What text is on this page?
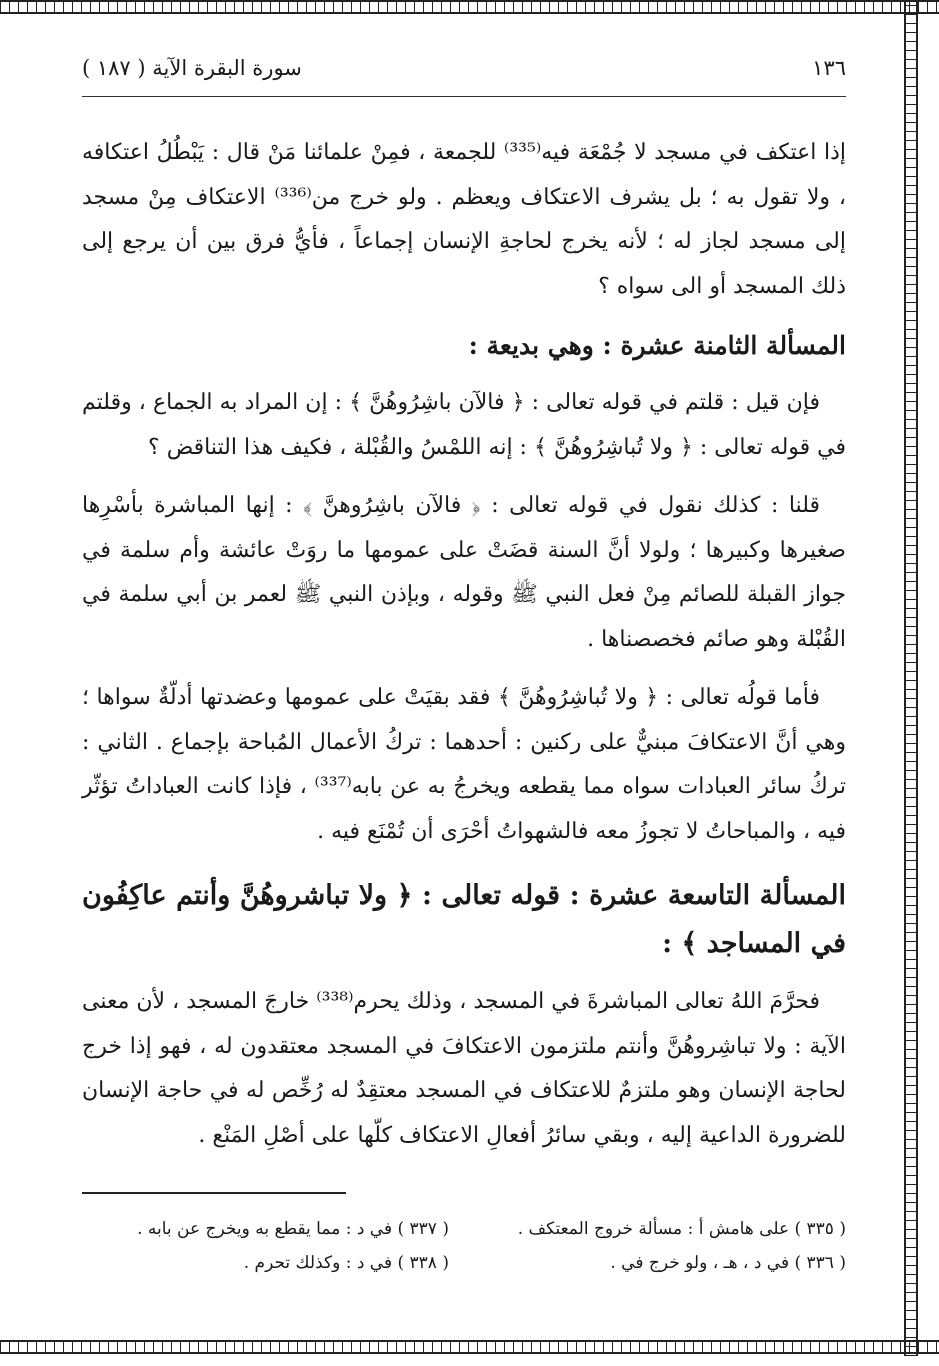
١٣٦
سورة البقرة الآية ( ١٨٧ )

إذا اعتكف في مسجد لا جُمْعَة فيه⁽³³⁵⁾ للجمعة ، فمِنْ علمائنا مَنْ قال : يَبْطُلُ اعتكافه ، ولا تقول به ؛ بل يشرف الاعتكاف ويعظم . ولو خرج من⁽³³⁶⁾ الاعتكاف مِنْ مسجد إلى مسجد لجاز له ؛ لأنه يخرج لحاجةِ الإنسان إجماعاً ، فأيُّ فرق بين أن يرجع إلى ذلك المسجد أو الى سواه ؟

المسألة الثامنة عشرة : وهي بديعة :

فإن قيل : قلتم في قوله تعالى : ﴿ فالآن باشِرُوهُنَّ ﴾ : إن المراد به الجماع ، وقلتم في قوله تعالى : ﴿ ولا تُباشِرُوهُنَّ ﴾ : إنه اللمْسُ والقُبْلة ، فكيف هذا التناقض ؟

قلنا : كذلك نقول في قوله تعالى : ﴿ فالآن باشِرُوهنَّ ﴾ : إنها المباشرة بأسْرِها صغيرها وكبيرها ؛ ولولا أنَّ السنة قضَتْ على عمومها ما روَتْ عائشة وأم سلمة في جواز القبلة للصائم مِنْ فعل النبي ﷺ وقوله ، وبإذن النبي ﷺ لعمر بن أبي سلمة في القُبْلة وهو صائم فخصصناها .

فأما قولُه تعالى : ﴿ ولا تُباشِرُوهُنَّ ﴾ فقد بقيَتْ على عمومها وعضدتها أدلّةٌ سواها ؛ وهي أنَّ الاعتكافَ مبنيٌّ على ركنين : أحدهما : تركُ الأعمال المُباحة بإجماع . الثاني : تركُ سائر العبادات سواه مما يقطعه ويخرجُ به عن بابه⁽³³⁷⁾ ، فإذا كانت العباداتُ تؤثّر فيه ، والمباحاتُ لا تجوزُ معه فالشهواتُ أحْرَى أن تُمْنَع فيه .

المسألة التاسعة عشرة : قوله تعالى : ﴿ ولا تباشروهُنَّ وأنتم عاكِفُون في المساجد ﴾ :

فحرَّمَ اللهُ تعالى المباشرةَ في المسجد ، وذلك يحرم⁽³³⁸⁾ خارجَ المسجد ، لأن معنى الآية : ولا تباشِروهُنَّ وأنتم ملتزمون الاعتكافَ في المسجد معتقدون له ، فهو إذا خرج لحاجة الإنسان وهو ملتزمٌ للاعتكاف في المسجد معتقِدٌ له رُخِّص له في حاجة الإنسان للضرورة الداعية إليه ، وبقي سائرُ أفعالِ الاعتكاف كلّها على أصْلِ المَنْع .

( ٣٣٥ ) على هامش أ : مسألة خروج المعتكف .
( ٣٣٧ ) في د : مما يقطع به ويخرج عن بابه .
( ٣٣٦ ) في د ، هـ ، ولو خرج في .
( ٣٣٨ ) في د : وكذلك تحرم .
